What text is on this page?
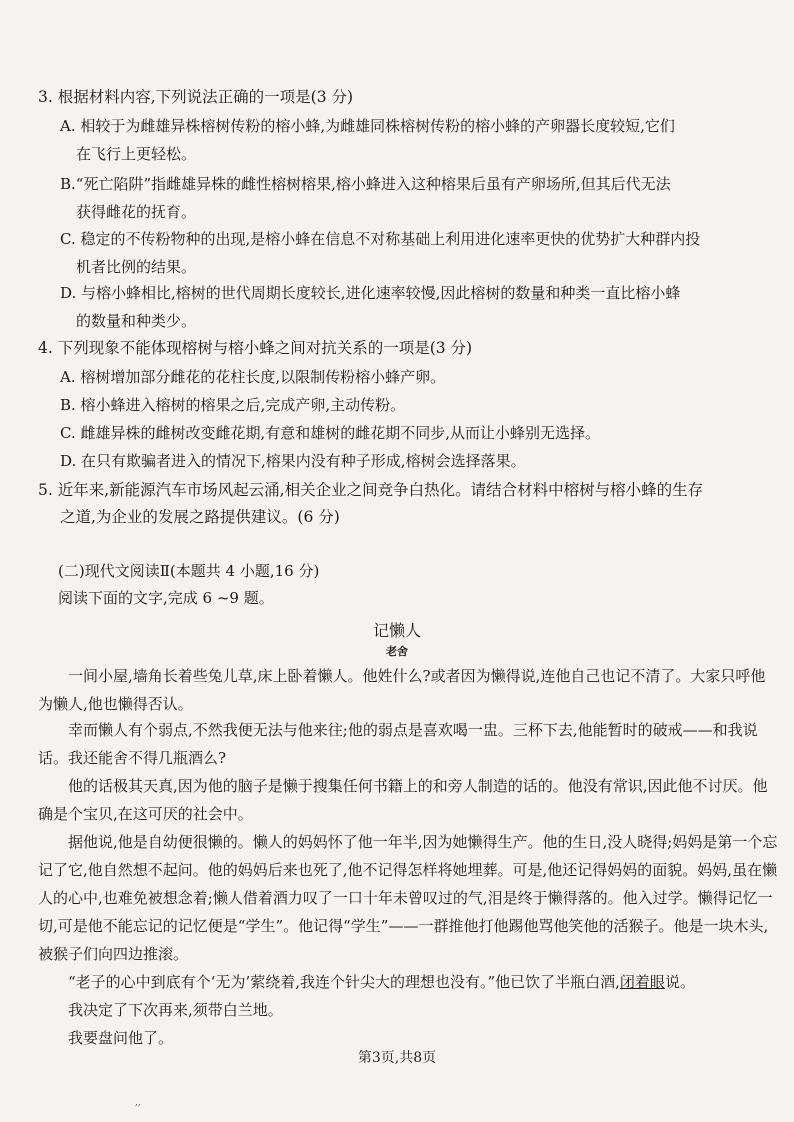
3. 根据材料内容,下列说法正确的一项是(3 分)
A. 相较于为雌雄异株榕树传粉的榕小蜂,为雌雄同株榕树传粉的榕小蜂的产卵器长度较短,它们
在飞行上更轻松。
B.“死亡陷阱”指雌雄异株的雌性榕树榕果,榕小蜂进入这种榕果后虽有产卵场所,但其后代无法
获得雌花的抚育。
C. 稳定的不传粉物种的出现,是榕小蜂在信息不对称基础上利用进化速率更快的优势扩大种群内投
机者比例的结果。
D. 与榕小蜂相比,榕树的世代周期长度较长,进化速率较慢,因此榕树的数量和种类一直比榕小蜂
的数量和种类少。
4. 下列现象不能体现榕树与榕小蜂之间对抗关系的一项是(3 分)
A. 榕树增加部分雌花的花柱长度,以限制传粉榕小蜂产卵。
B. 榕小蜂进入榕树的榕果之后,完成产卵,主动传粉。
C. 雌雄异株的雌树改变雌花期,有意和雄树的雌花期不同步,从而让小蜂别无选择。
D. 在只有欺骗者进入的情况下,榕果内没有种子形成,榕树会选择落果。
5. 近年来,新能源汽车市场风起云涌,相关企业之间竞争白热化。请结合材料中榕树与榕小蜂的生存
之道,为企业的发展之路提供建议。(6 分)
(二)现代文阅读Ⅱ(本题共 4 小题,16 分)
阅读下面的文字,完成 6 ~9 题。
记懒人
老舍
一间小屋,墙角长着些兔儿草,床上卧着懒人。他姓什么?或者因为懒得说,连他自己也记不清了。大家只呼他为懒人,他也懒得否认。
幸而懒人有个弱点,不然我便无法与他来往;他的弱点是喜欢喝一盅。三杯下去,他能暂时的破戒——和我说话。我还能舍不得几瓶酒么?
他的话极其天真,因为他的脑子是懒于搜集任何书籍上的和旁人制造的话的。他没有常识,因此他不讨厌。他确是个宝贝,在这可厌的社会中。
据他说,他是自幼便很懒的。懒人的妈妈怀了他一年半,因为她懒得生产。他的生日,没人晓得;妈妈是第一个忘记了它,他自然想不起问。他的妈妈后来也死了,他不记得怎样将她埋葬。可是,他还记得妈妈的面貌。妈妈,虽在懒人的心中,也难免被想念着;懒人借着酒力叹了一口十年未曾叹过的气,泪是终于懒得落的。他入过学。懒得记忆一切,可是他不能忘记的记忆便是“学生”。他记得“学生”——一群推他打他踢他骂他笑他的活猴子。他是一块木头,被猴子们向四边推滚。
“老子的心中到底有个‘无为’萦绕着,我连个针尖大的理想也没有。”他已饮了半瓶白酒,闭着眼说。
我决定了下次再来,须带白兰地。
我要盘问他了。
第3页,共8页
,,
